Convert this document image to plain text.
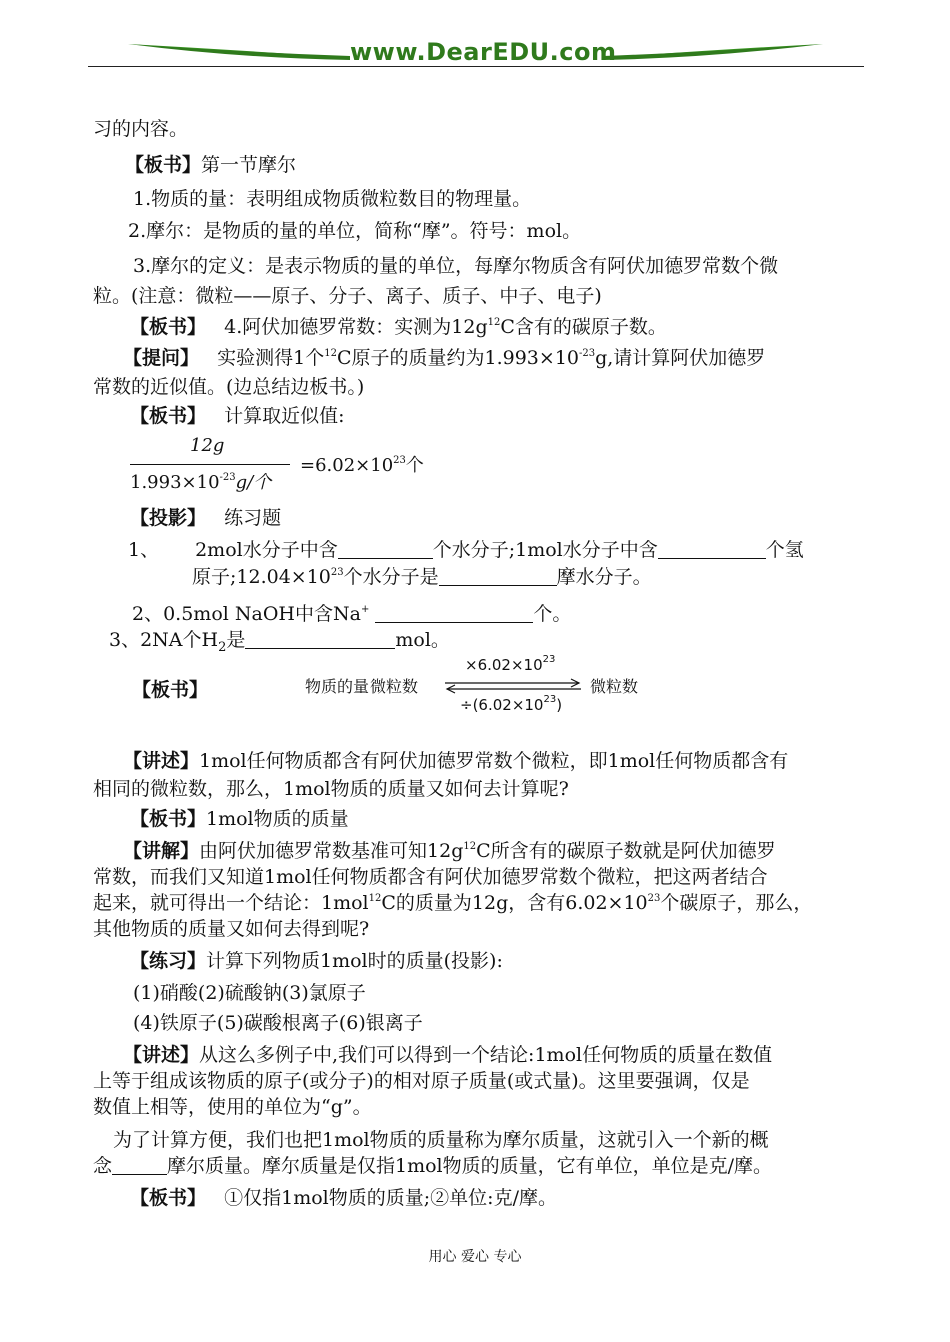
www.DearEDU.com
习的内容。
【板书】第一节摩尔
1.物质的量：表明组成物质微粒数目的物理量。
2.摩尔：是物质的量的单位，简称“摩”。符号：mol。
3.摩尔的定义：是表示物质的量的单位，每摩尔物质含有阿伏加德罗常数个微
粒。(注意：微粒——原子、分子、离子、质子、中子、电子)
【板书】 4.阿伏加德罗常数：实测为$12g^{12}C$含有的碳原子数。
【提问】 实验测得1个$^{12}$C原子的质量约为$1.993\times 10^{-23}g$,请计算阿伏加德罗
常数的近似值。(边总结边板书。)
【板书】 计算取近似值:
12g
$1.993\times 10^{-23}g/$个
$=6.02\times 10^{23}$个
【投影】 练习题
1、 2mol水分子中含	个水分子;1mol水分子中含	个氢
原子$;12.04\times 10^{23}$个水分子是	摩水分子。
2、0.5mol NaOH中含Na+	个。
3、2NA个$H_2$是	mol。
【板书】	物质的量 微粒数
$\times 6.02\times 10^{23}$
$\div(6.02\times 10^{23})$
微粒数
【讲述】1mol任何物质都含有阿伏加德罗常数个微粒，即1mol任何物质都含有
相同的微粒数，那么，1mol物质的质量又如何去计算呢?
【板书】1mol物质的质量
【讲解】由阿伏加德罗常数基准可知$12g^{12}C$所含有的碳原子数就是阿伏加德罗
常数，而我们又知道1mol任何物质都含有阿伏加德罗常数个微粒，把这两者结合
起来，就可得出一个结论：1mol$^{12}$C的质量为12g，含有$6.02\times 10^{23}$个碳原子，那么，
其他物质的质量又如何去得到呢?
【练习】计算下列物质1mol时的质量(投影):
(1)硝酸(2)硫酸钠(3)氯原子
(4)铁原子(5)碳酸根离子(6)银离子
【讲述】从这么多例子中,我们可以得到一个结论:1mol任何物质的质量在数值
上等于组成该物质的原子(或分子)的相对原子质量(或式量)。这里要强调，仅是
数值上相等，使用的单位为“g”。
为了计算方便，我们也把1mol物质的质量称为摩尔质量，这就引入一个新的概
念	摩尔质量。摩尔质量是仅指1mol物质的质量，它有单位，单位是克/摩。
【板书】 ①仅指1mol物质的质量;②单位:克/摩。
用心 爱心 专心
